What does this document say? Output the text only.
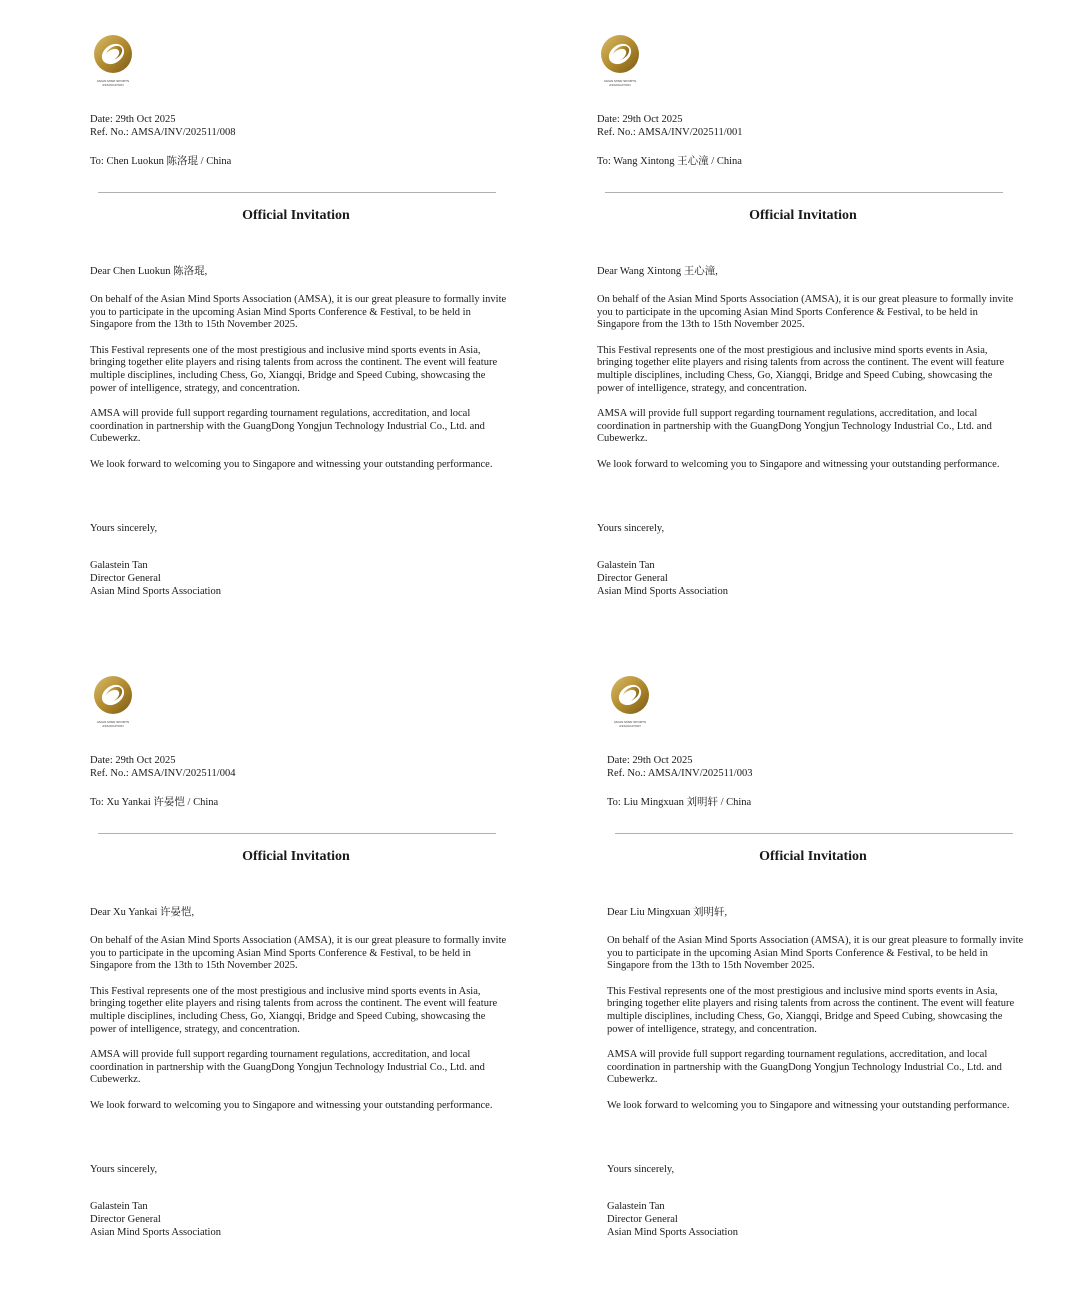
ASIAN MIND SPORTS ASSOCIATION
Date: 29th Oct 2025
Ref. No.: AMSA/INV/202511/008
To: Chen Luokun 陈洛琨 / China
Official Invitation
Dear Chen Luokun 陈洛琨,

On behalf of the Asian Mind Sports Association (AMSA), it is our great pleasure to formally invite you to participate in the upcoming Asian Mind Sports Conference & Festival, to be held in Singapore from the 13th to 15th November 2025.

This Festival represents one of the most prestigious and inclusive mind sports events in Asia, bringing together elite players and rising talents from across the continent. The event will feature multiple disciplines, including Chess, Go, Xiangqi, Bridge and Speed Cubing, showcasing the power of intelligence, strategy, and concentration.

AMSA will provide full support regarding tournament regulations, accreditation, and local coordination in partnership with the GuangDong Yongjun Technology Industrial Co., Ltd. and Cubewerkz.

We look forward to welcoming you to Singapore and witnessing your outstanding performance.

Yours sincerely,
Galastein Tan
Director General
Asian Mind Sports Association
ASIAN MIND SPORTS ASSOCIATION
Date: 29th Oct 2025
Ref. No.: AMSA/INV/202511/001
To: Wang Xintong 王心潼 / China
Official Invitation
Dear Wang Xintong 王心潼,

On behalf of the Asian Mind Sports Association (AMSA), it is our great pleasure to formally invite you to participate in the upcoming Asian Mind Sports Conference & Festival, to be held in Singapore from the 13th to 15th November 2025.

This Festival represents one of the most prestigious and inclusive mind sports events in Asia, bringing together elite players and rising talents from across the continent. The event will feature multiple disciplines, including Chess, Go, Xiangqi, Bridge and Speed Cubing, showcasing the power of intelligence, strategy, and concentration.

AMSA will provide full support regarding tournament regulations, accreditation, and local coordination in partnership with the GuangDong Yongjun Technology Industrial Co., Ltd. and Cubewerkz.

We look forward to welcoming you to Singapore and witnessing your outstanding performance.

Yours sincerely,
Galastein Tan
Director General
Asian Mind Sports Association
ASIAN MIND SPORTS ASSOCIATION
Date: 29th Oct 2025
Ref. No.: AMSA/INV/202511/004
To: Xu Yankai 许晏恺 / China
Official Invitation
Dear Xu Yankai 许晏恺,

On behalf of the Asian Mind Sports Association (AMSA), it is our great pleasure to formally invite you to participate in the upcoming Asian Mind Sports Conference & Festival, to be held in Singapore from the 13th to 15th November 2025.

This Festival represents one of the most prestigious and inclusive mind sports events in Asia, bringing together elite players and rising talents from across the continent. The event will feature multiple disciplines, including Chess, Go, Xiangqi, Bridge and Speed Cubing, showcasing the power of intelligence, strategy, and concentration.

AMSA will provide full support regarding tournament regulations, accreditation, and local coordination in partnership with the GuangDong Yongjun Technology Industrial Co., Ltd. and Cubewerkz.

We look forward to welcoming you to Singapore and witnessing your outstanding performance.

Yours sincerely,
Galastein Tan
Director General
Asian Mind Sports Association
ASIAN MIND SPORTS ASSOCIATION
Date: 29th Oct 2025
Ref. No.: AMSA/INV/202511/003
To: Liu Mingxuan 刘明轩 / China
Official Invitation
Dear Liu Mingxuan 刘明轩,

On behalf of the Asian Mind Sports Association (AMSA), it is our great pleasure to formally invite you to participate in the upcoming Asian Mind Sports Conference & Festival, to be held in Singapore from the 13th to 15th November 2025.

This Festival represents one of the most prestigious and inclusive mind sports events in Asia, bringing together elite players and rising talents from across the continent. The event will feature multiple disciplines, including Chess, Go, Xiangqi, Bridge and Speed Cubing, showcasing the power of intelligence, strategy, and concentration.

AMSA will provide full support regarding tournament regulations, accreditation, and local coordination in partnership with the GuangDong Yongjun Technology Industrial Co., Ltd. and Cubewerkz.

We look forward to welcoming you to Singapore and witnessing your outstanding performance.

Yours sincerely,
Galastein Tan
Director General
Asian Mind Sports Association
